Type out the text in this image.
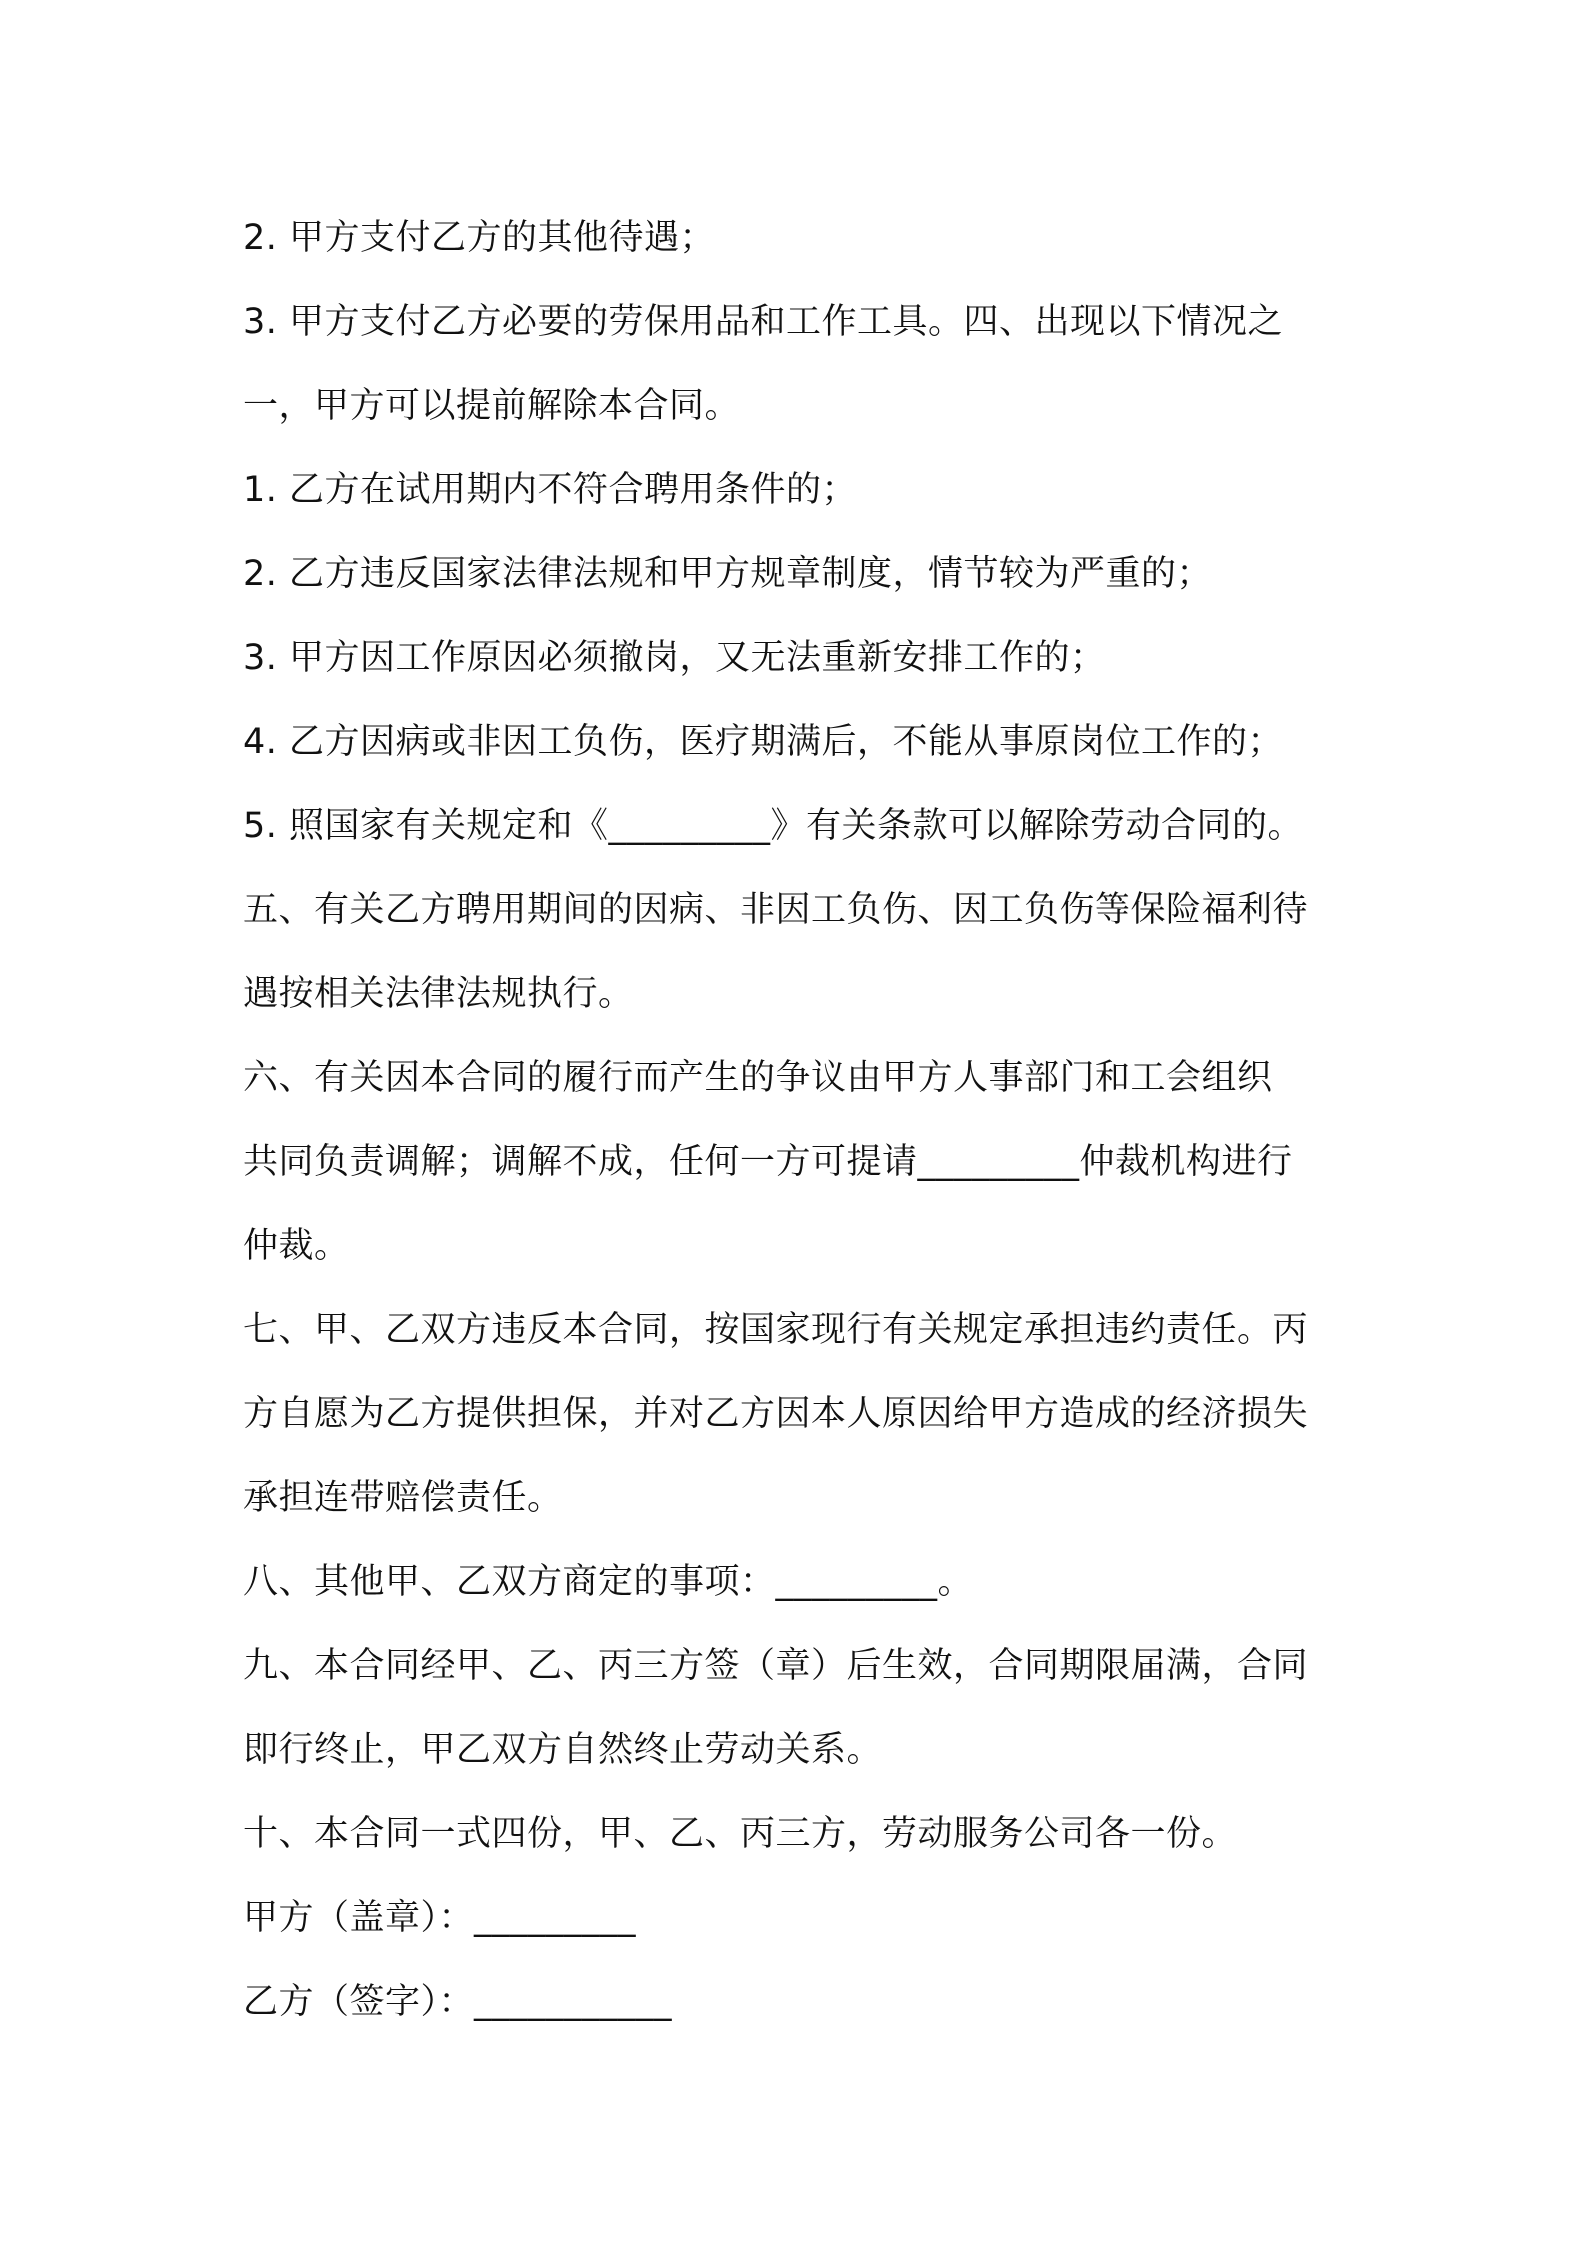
2. 甲方支付乙方的其他待遇；

3. 甲方支付乙方必要的劳保用品和工作工具。四、出现以下情况之

一，甲方可以提前解除本合同。

1. 乙方在试用期内不符合聘用条件的；

2. 乙方违反国家法律法规和甲方规章制度，情节较为严重的；

3. 甲方因工作原因必须撤岗，又无法重新安排工作的；

4. 乙方因病或非因工负伤，医疗期满后，不能从事原岗位工作的；

5. 照国家有关规定和《_________》有关条款可以解除劳动合同的。

五、有关乙方聘用期间的因病、非因工负伤、因工负伤等保险福利待

遇按相关法律法规执行。

六、有关因本合同的履行而产生的争议由甲方人事部门和工会组织

共同负责调解；调解不成，任何一方可提请_________仲裁机构进行

仲裁。

七、甲、乙双方违反本合同，按国家现行有关规定承担违约责任。丙

方自愿为乙方提供担保，并对乙方因本人原因给甲方造成的经济损失

承担连带赔偿责任。

八、其他甲、乙双方商定的事项：_________。

九、本合同经甲、乙、丙三方签（章）后生效，合同期限届满，合同

即行终止，甲乙双方自然终止劳动关系。

十、本合同一式四份，甲、乙、丙三方，劳动服务公司各一份。

甲方（盖章）：_________

乙方（签字）：___________
